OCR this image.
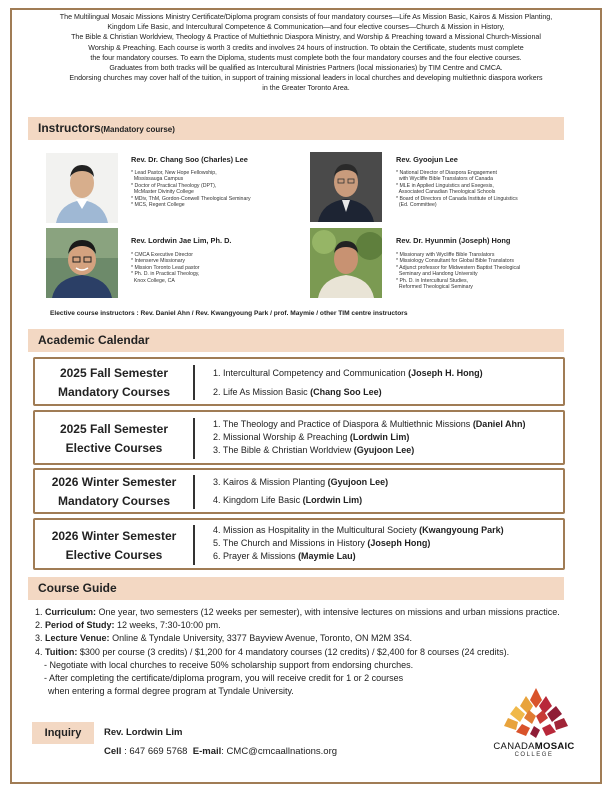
The Multilingual Mosaic Missions Ministry Certificate/Diploma program consists of four mandatory courses—Life As Mission Basic, Kairos & Mission Planting,
Kingdom Life Basic, and Intercultural Competence & Communication—and four elective courses—Church & Mission in History,
The Bible & Christian Worldview, Theology & Practice of Multiethnic Diaspora Ministry, and Worship & Preaching toward a Missional Church-Missional
Worship & Preaching. Each course is worth 3 credits and involves 24 hours of instruction. To obtain the Certificate, students must complete
the four mandatory courses. To earn the Diploma, students must complete both the four mandatory courses and the four elective courses.
Graduates from both tracks will be qualified as Intercultural Ministries Partners (local missionaries) by TIM Centre and CMCA.
Endorsing churches may cover half of the tuition, in support of training missional leaders in local churches and developing multiethnic diaspora workers
in the Greater Toronto Area.
Instructors(Mandatory course)
Rev. Dr. Chang Soo (Charles) Lee
* Lead Pastor, New Hope Fellowship,
Mississauga Campus
* Doctor of Practical Theology (DPT),
McMaster Divinity College
* MDiv, ThM, Gordon-Conwell Theological Seminary
* MCS, Regent College
Rev. Gyoojun Lee
* National Director of Diaspora Engagement
with Wycliffe Bible Translators of Canada
* MLE in Applied Linguistics and Exegesis,
Associated Canadian Theological Schools
* Board of Directors of Canada Institute of Linguistics
(Ed. Committee)
Rev. Lordwin Jae Lim, Ph. D.
* CMCA Executive Director
* Intenserve Missionary
* Mission Toronto Lead pastor
* Ph. D. in Practical Theology,
Knox College, CA
Rev. Dr. Hyunmin (Joseph) Hong
* Missionary with Wycliffe Bible Translators
* Missiology Consultant for Global Bible Translators
* Adjunct professor for Midwestern Baptist Theological
Seminary and Handong University
* Ph. D. in Intercultural Studies,
Reformed Theological Seminary
Elective course instructors : Rev. Daniel Ahn / Rev. Kwangyoung Park / prof. Maymie / other TIM centre instructors
Academic Calendar
2025 Fall Semester
Mandatory Courses
1. Intercultural Competency and Communication (Joseph H. Hong)
2. Life As Mission Basic (Chang Soo Lee)
2025 Fall Semester
Elective Courses
1. The Theology and Practice of Diaspora & Multiethnic Missions (Daniel Ahn)
2. Missional Worship & Preaching (Lordwin Lim)
3. The Bible & Christian Worldview (Gyujoon Lee)
2026 Winter Semester
Mandatory Courses
3. Kairos & Mission Planting (Gyujoon Lee)
4. Kingdom Life Basic (Lordwin Lim)
2026 Winter Semester
Elective Courses
4. Mission as Hospitality in the Multicultural Society (Kwangyoung Park)
5. The Church and Missions in History (Joseph Hong)
6. Prayer & Missions (Maymie Lau)
Course Guide
1. Curriculum: One year, two semesters (12 weeks per semester), with intensive lectures on missions and urban missions practice.
2. Period of Study: 12 weeks, 7:30-10:00 pm.
3. Lecture Venue: Online & Tyndale University, 3377 Bayview Avenue, Toronto, ON M2M 3S4.
4. Tuition: $300 per course (3 credits) / $1,200 for 4 mandatory courses (12 credits) / $2,400 for 8 courses (24 credits).
- Negotiate with local churches to receive 50% scholarship support from endorsing churches.
- After completing the certificate/diploma program, you will receive credit for 1 or 2 courses
when entering a formal degree program at Tyndale University.
Inquiry	Rev. Lordwin Lim
Cell : 647 669 5768  E-mail: CMC@cmcaallnations.org	CANADAMOSAIC
COLLEGE
